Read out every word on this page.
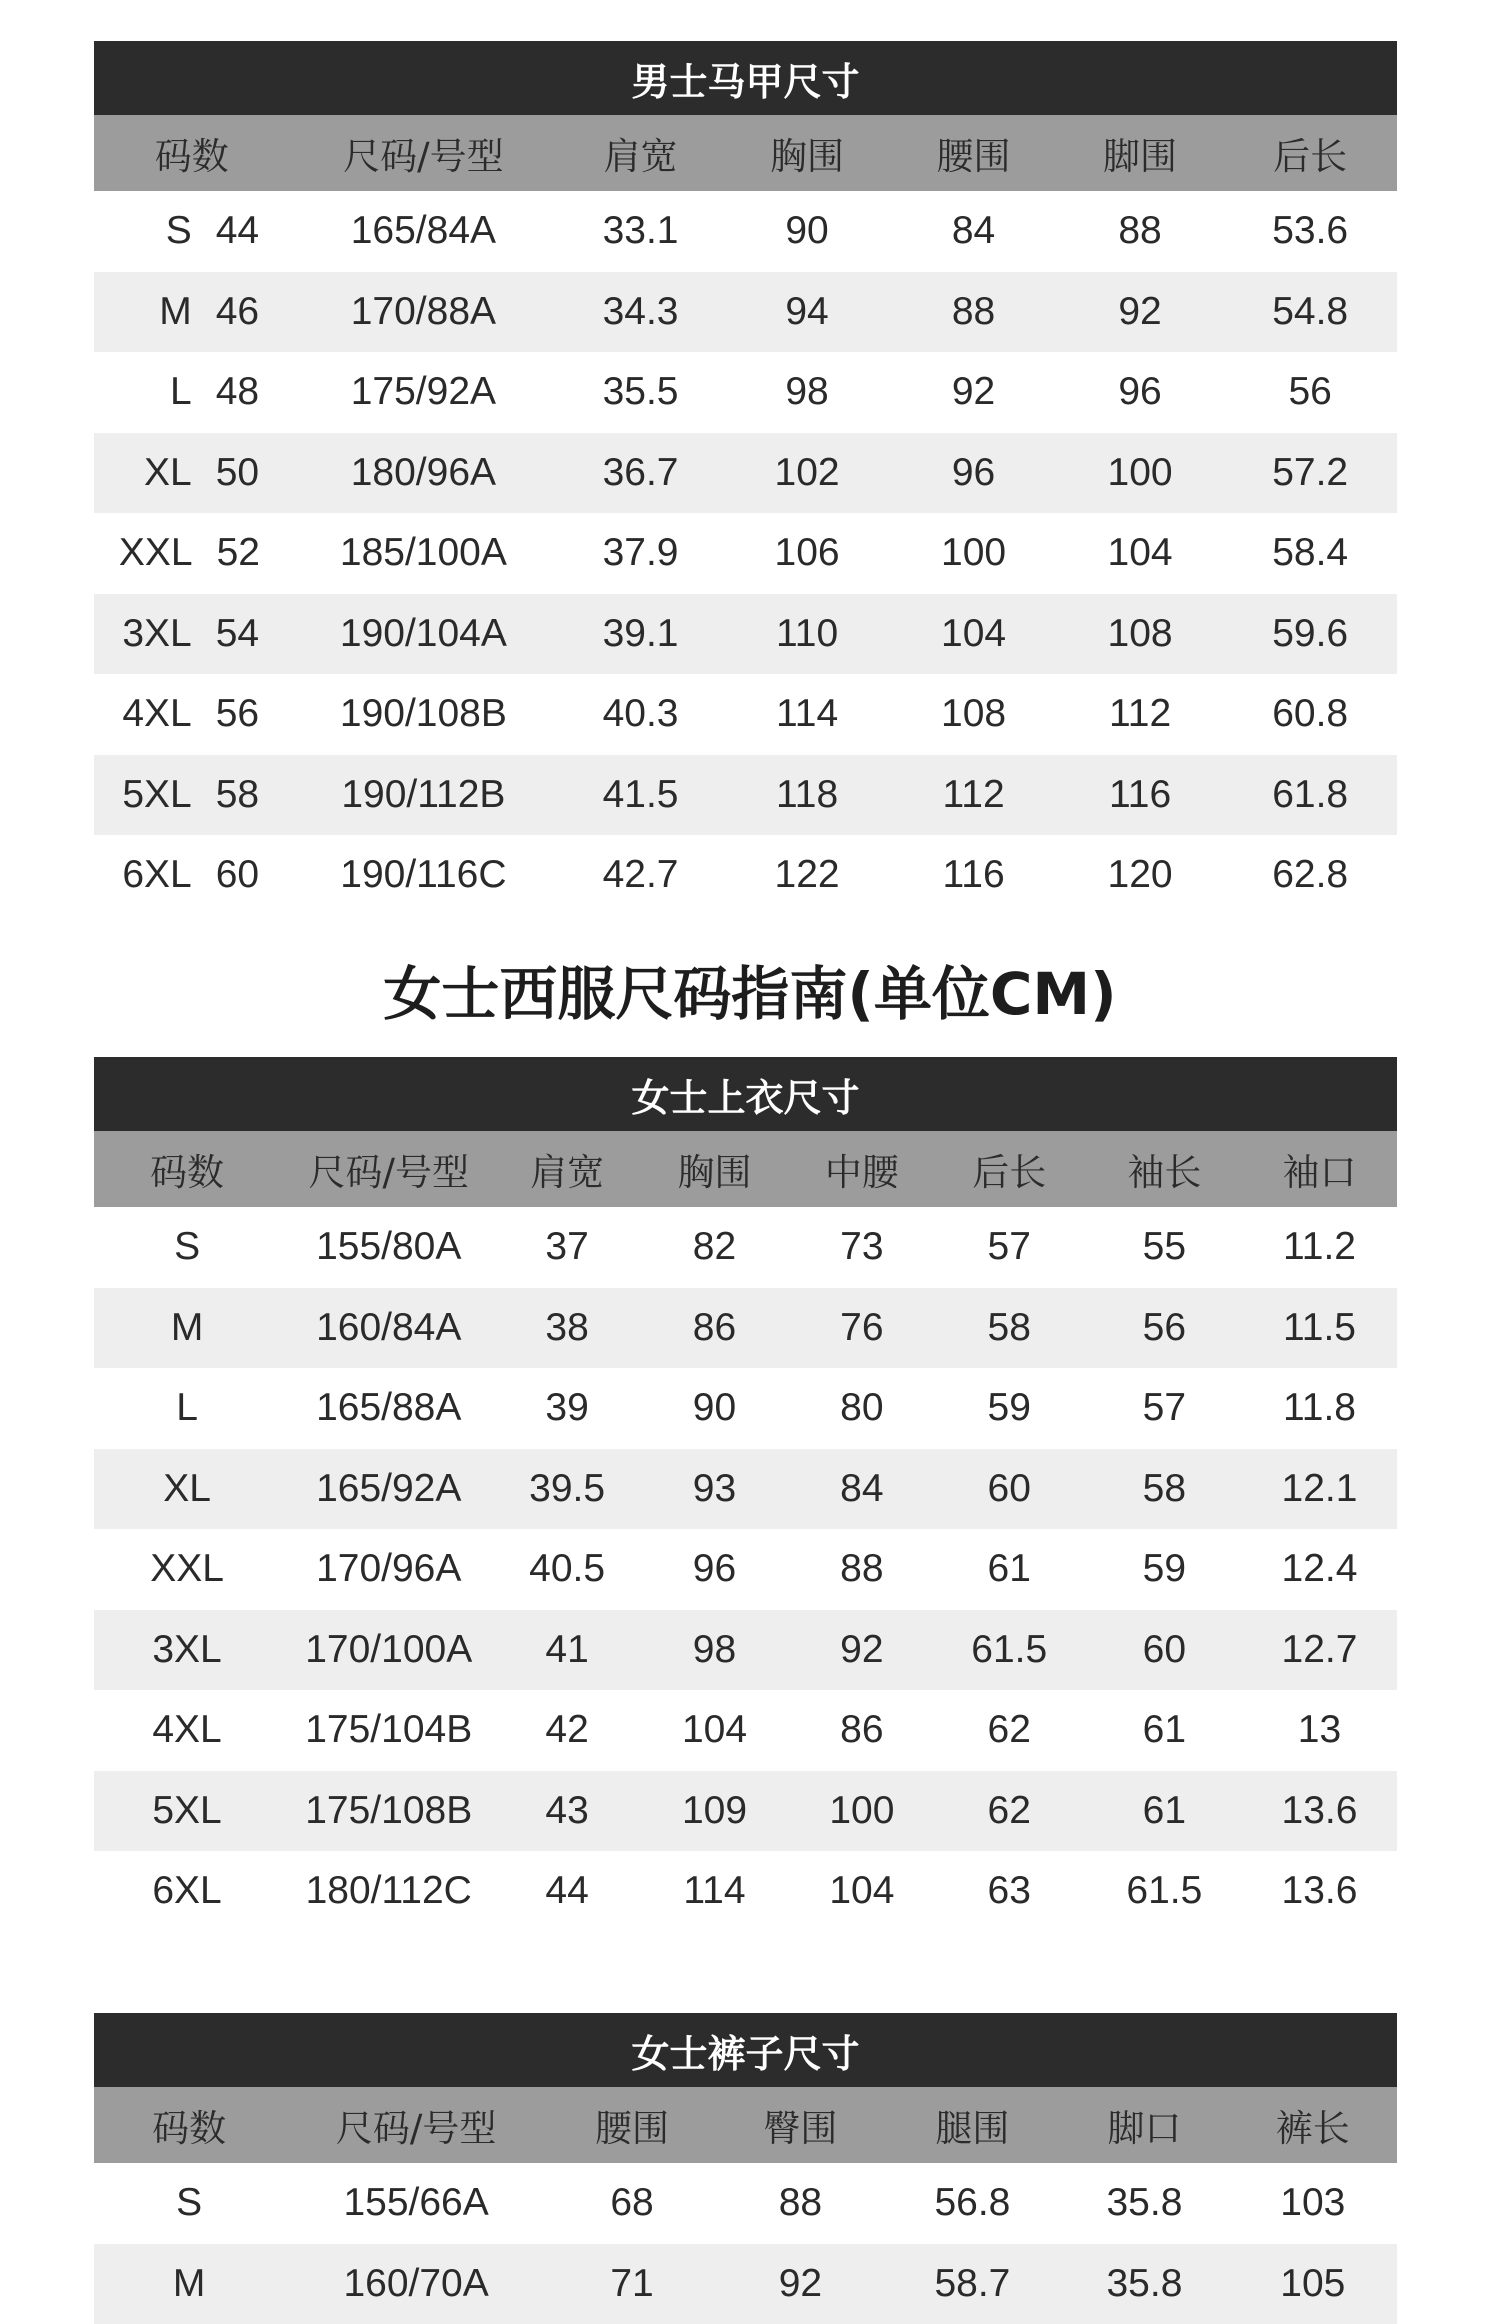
男士马甲尺寸
码数	尺码/号型	肩宽	胸围	腰围	脚围	后长
S 44	165/84A	33.1	90	84	88	53.6
M 46	170/88A	34.3	94	88	92	54.8
L 48	175/92A	35.5	98	92	96	56
XL 50	180/96A	36.7	102	96	100	57.2
XXL 52	185/100A	37.9	106	100	104	58.4
3XL 54	190/104A	39.1	110	104	108	59.6
4XL 56	190/108B	40.3	114	108	112	60.8
5XL 58	190/112B	41.5	118	112	116	61.8
6XL 60	190/116C	42.7	122	116	120	62.8
女士西服尺码指南(单位CM)
女士上衣尺寸
码数	尺码/号型	肩宽	胸围	中腰	后长	袖长	袖口
S	155/80A	37	82	73	57	55	11.2
M	160/84A	38	86	76	58	56	11.5
L	165/88A	39	90	80	59	57	11.8
XL	165/92A	39.5	93	84	60	58	12.1
XXL	170/96A	40.5	96	88	61	59	12.4
3XL	170/100A	41	98	92	61.5	60	12.7
4XL	175/104B	42	104	86	62	61	13
5XL	175/108B	43	109	100	62	61	13.6
6XL	180/112C	44	114	104	63	61.5	13.6
女士裤子尺寸
码数	尺码/号型	腰围	臀围	腿围	脚口	裤长
S	155/66A	68	88	56.8	35.8	103
M	160/70A	71	92	58.7	35.8	105
